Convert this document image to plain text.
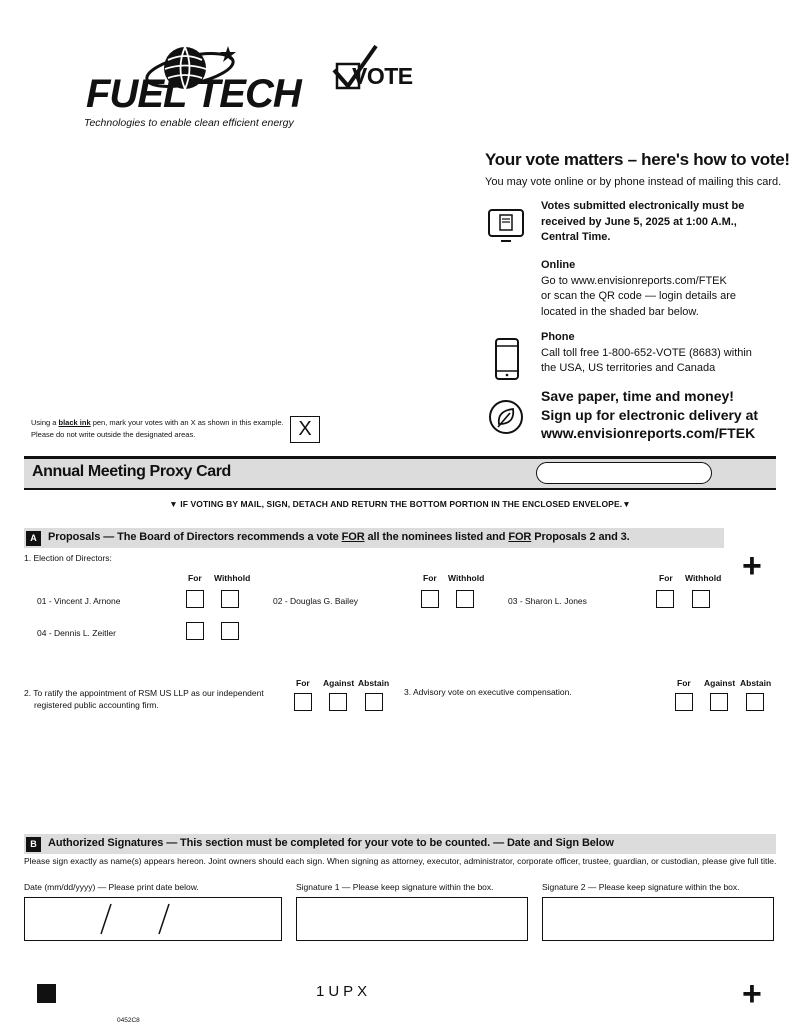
FUEL TECH
Technologies to enable clean efficient energy
VOTE
Your vote matters – here's how to vote!
You may vote online or by phone instead of mailing this card.
Votes submitted electronically must be
received by June 5, 2025 at 1:00 A.M.,
Central Time.
Online
Go to www.envisionreports.com/FTEK
or scan the QR code — login details are
located in the shaded bar below.
Phone
Call toll free 1-800-652-VOTE (8683) within
the USA, US territories and Canada
Save paper, time and money!
Sign up for electronic delivery at
www.envisionreports.com/FTEK
Using a black ink pen, mark your votes with an X as shown in this example.
Please do not write outside the designated areas.	X
Annual Meeting Proxy Card
▼ IF VOTING BY MAIL, SIGN, DETACH AND RETURN THE BOTTOM PORTION IN THE ENCLOSED ENVELOPE.▼
A	Proposals — The Board of Directors recommends a vote FOR all the nominees listed and FOR Proposals 2 and 3.
1. Election of Directors:	+
For Withhold	For Withhold	For Withhold
01 - Vincent J. Arnone	02 - Douglas G. Bailey	03 - Sharon L. Jones
04 - Dennis L. Zeitler
For Against Abstain
2. To ratify the appointment of RSM US LLP as our independent
registered public accounting firm.
3. Advisory vote on executive compensation.
For Against Abstain
B	Authorized Signatures — This section must be completed for your vote to be counted. — Date and Sign Below
Please sign exactly as name(s) appears hereon. Joint owners should each sign. When signing as attorney, executor, administrator, corporate officer, trustee, guardian, or custodian, please give full title.
Date (mm/dd/yyyy) — Please print date below.	Signature 1 — Please keep signature within the box.	Signature 2 — Please keep signature within the box.
1UPX	+
0452C8
